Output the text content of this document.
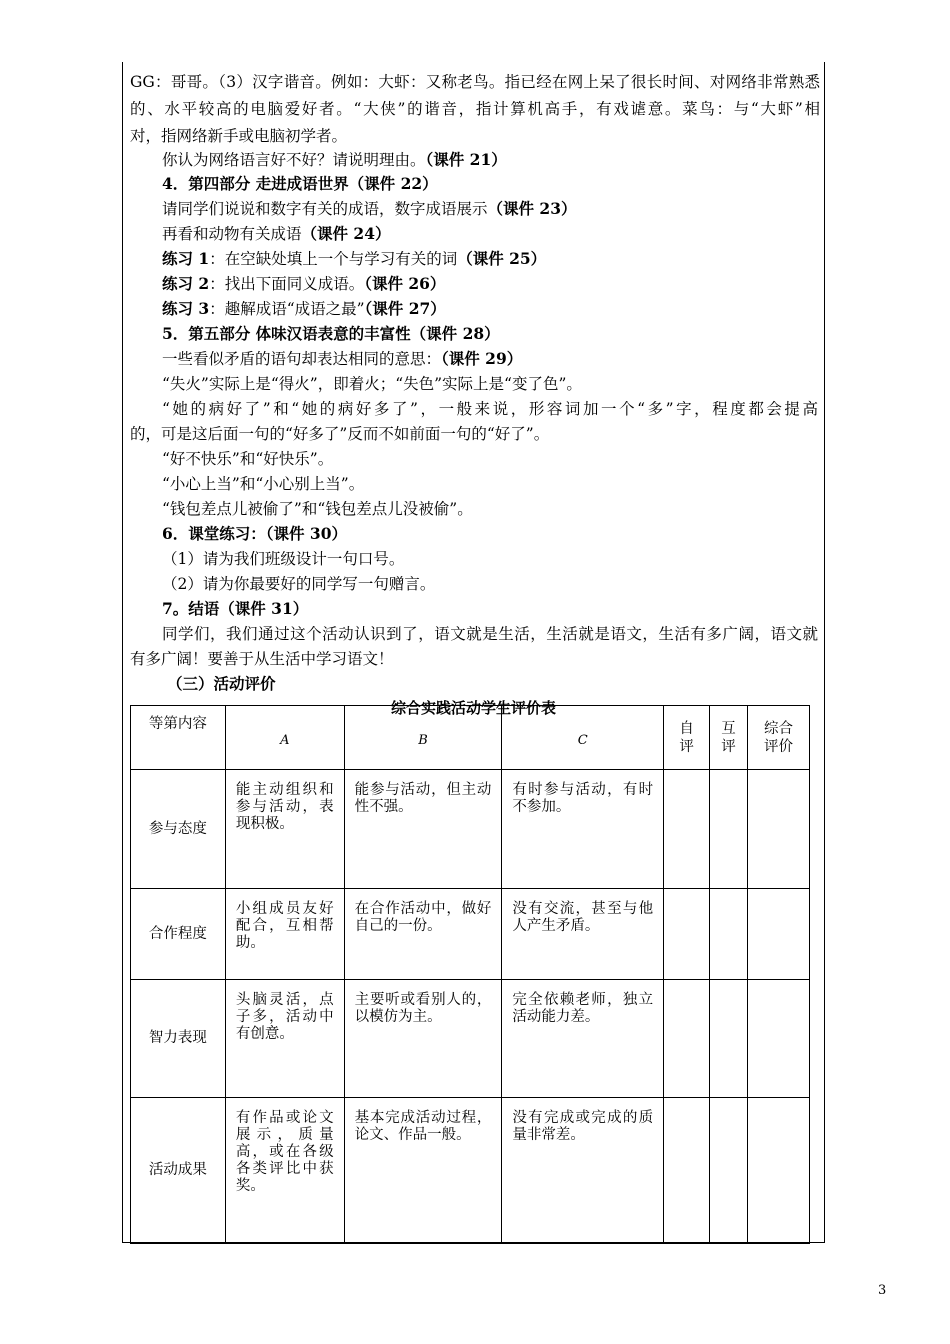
GG：哥哥。（3）汉字谐音。例如：大虾：又称老鸟。指已经在网上呆了很长时间、对网络非常熟悉
的、水平较高的电脑爱好者。“大侠”的谐音，指计算机高手，有戏谑意。菜鸟：与“大虾”相
对，指网络新手或电脑初学者。
你认为网络语言好不好？请说明理由。（课件 21）
4．第四部分 走进成语世界（课件 22）
请同学们说说和数字有关的成语，数字成语展示（课件 23）
再看和动物有关成语（课件 24）
练习 1：在空缺处填上一个与学习有关的词（课件 25）
练习 2：找出下面同义成语。（课件 26）
练习 3：趣解成语“成语之最”（课件 27）
5．第五部分 体味汉语表意的丰富性（课件 28）
一些看似矛盾的语句却表达相同的意思：（课件 29）
“失火”实际上是“得火”，即着火；“失色”实际上是“变了色”。
“她的病好了”和“她的病好多了”，一般来说，形容词加一个“多”字，程度都会提高
的，可是这后面一句的“好多了”反而不如前面一句的“好了”。
“好不快乐”和“好快乐”。
“小心上当”和“小心别上当”。
“钱包差点儿被偷了”和“钱包差点儿没被偷”。
6．课堂练习：（课件 30）
（1）请为我们班级设计一句口号。
（2）请为你最要好的同学写一句赠言。
7。结语（课件 31）
同学们，我们通过这个活动认识到了，语文就是生活，生活就是语文，生活有多广阔，语文就
有多广阔！要善于从生活中学习语文！
（三）活动评价
等第内容	A	B	C	自评	互评	综合评价
参与态度	能主动组织和参与活动，表现积极。	能参与活动，但主动性不强。	有时参与活动，有时不参加。			
合作程度	小组成员友好配合，互相帮助。	在合作活动中，做好自己的一份。	没有交流，甚至与他人产生矛盾。			
智力表现	头脑灵活，点子多，活动中有创意。	主要听或看别人的，以模仿为主。	完全依赖老师，独立活动能力差。			
活动成果	有作品或论文展示，质量高，或在各级各类评比中获奖。	基本完成活动过程，论文、作品一般。	没有完成或完成的质量非常差。			
综合实践活动学生评价表
3
